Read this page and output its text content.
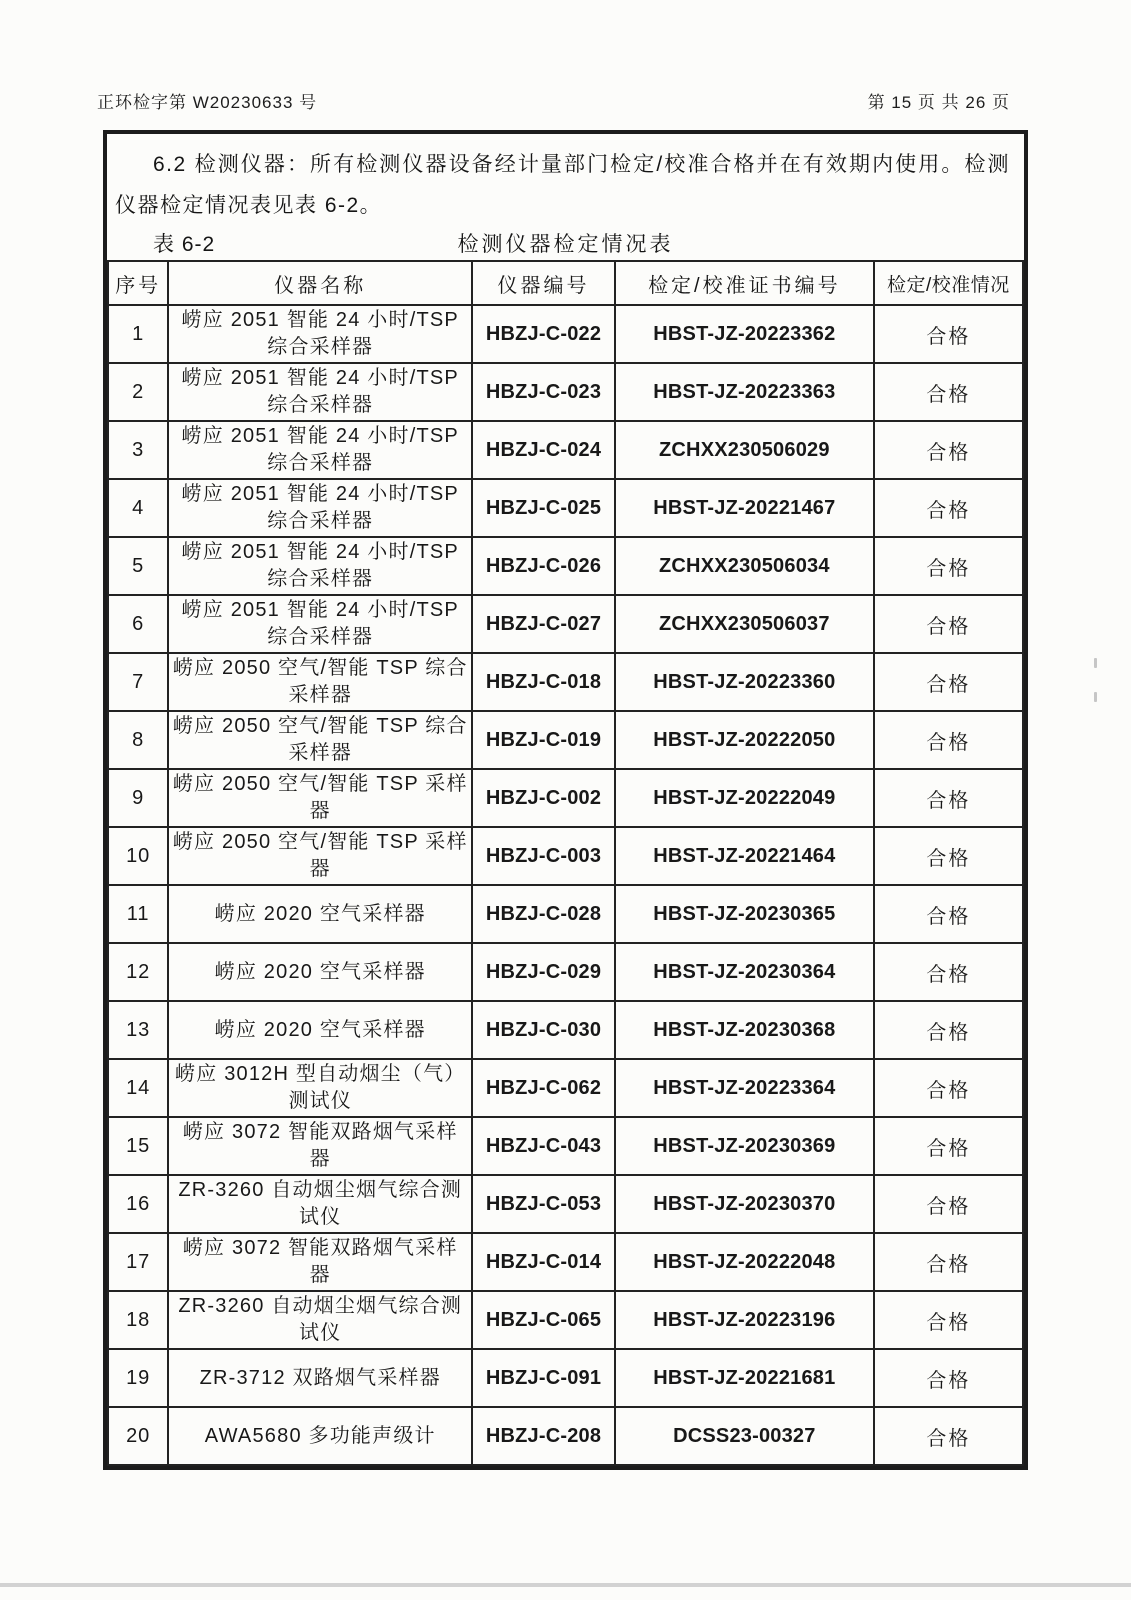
正环检字第 W20230633 号	第 15 页 共 26 页

6.2 检测仪器：所有检测仪器设备经计量部门检定/校准合格并在有效期内使用。检测仪器检定情况表见表 6-2。

表 6-2	检测仪器检定情况表
序号	仪器名称	仪器编号	检定/校准证书编号	检定/校准情况
1	崂应 2051 智能 24 小时/TSP 综合采样器	HBZJ-C-022	HBST-JZ-20223362	合格
2	崂应 2051 智能 24 小时/TSP 综合采样器	HBZJ-C-023	HBST-JZ-20223363	合格
3	崂应 2051 智能 24 小时/TSP 综合采样器	HBZJ-C-024	ZCHXX230506029	合格
4	崂应 2051 智能 24 小时/TSP 综合采样器	HBZJ-C-025	HBST-JZ-20221467	合格
5	崂应 2051 智能 24 小时/TSP 综合采样器	HBZJ-C-026	ZCHXX230506034	合格
6	崂应 2051 智能 24 小时/TSP 综合采样器	HBZJ-C-027	ZCHXX230506037	合格
7	崂应 2050 空气/智能 TSP 综合采样器	HBZJ-C-018	HBST-JZ-20223360	合格
8	崂应 2050 空气/智能 TSP 综合采样器	HBZJ-C-019	HBST-JZ-20222050	合格
9	崂应 2050 空气/智能 TSP 采样器	HBZJ-C-002	HBST-JZ-20222049	合格
10	崂应 2050 空气/智能 TSP 采样器	HBZJ-C-003	HBST-JZ-20221464	合格
11	崂应 2020 空气采样器	HBZJ-C-028	HBST-JZ-20230365	合格
12	崂应 2020 空气采样器	HBZJ-C-029	HBST-JZ-20230364	合格
13	崂应 2020 空气采样器	HBZJ-C-030	HBST-JZ-20230368	合格
14	崂应 3012H 型自动烟尘（气）测试仪	HBZJ-C-062	HBST-JZ-20223364	合格
15	崂应 3072 智能双路烟气采样器	HBZJ-C-043	HBST-JZ-20230369	合格
16	ZR-3260 自动烟尘烟气综合测试仪	HBZJ-C-053	HBST-JZ-20230370	合格
17	崂应 3072 智能双路烟气采样器	HBZJ-C-014	HBST-JZ-20222048	合格
18	ZR-3260 自动烟尘烟气综合测试仪	HBZJ-C-065	HBST-JZ-20223196	合格
19	ZR-3712 双路烟气采样器	HBZJ-C-091	HBST-JZ-20221681	合格
20	AWA5680 多功能声级计	HBZJ-C-208	DCSS23-00327	合格
